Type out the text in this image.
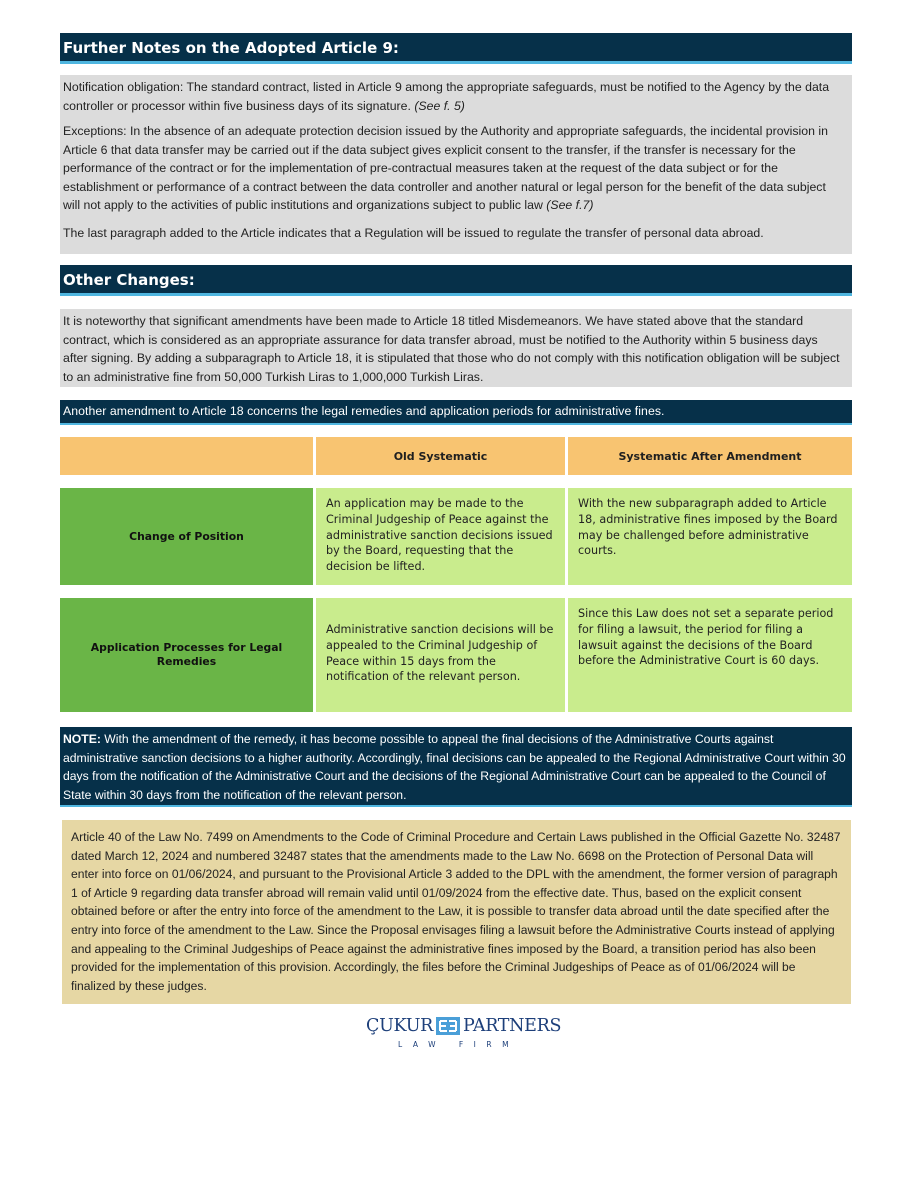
Further Notes on the Adopted Article 9:

Notification obligation: The standard contract, listed in Article 9 among the appropriate safeguards, must be notified to the Agency by the data controller or processor within five business days of its signature. (See f. 5)

Exceptions: In the absence of an adequate protection decision issued by the Authority and appropriate safeguards, the incidental provision in Article 6 that data transfer may be carried out if the data subject gives explicit consent to the transfer, if the transfer is necessary for the performance of the contract or for the implementation of pre-contractual measures taken at the request of the data subject or for the establishment or performance of a contract between the data controller and another natural or legal person for the benefit of the data subject will not apply to the activities of public institutions and organizations subject to public law (See f.7)

The last paragraph added to the Article indicates that a Regulation will be issued to regulate the transfer of personal data abroad.

Other Changes:

It is noteworthy that significant amendments have been made to Article 18 titled Misdemeanors. We have stated above that the standard contract, which is considered as an appropriate assurance for data transfer abroad, must be notified to the Authority within 5 business days after signing. By adding a subparagraph to Article 18, it is stipulated that those who do not comply with this notification obligation will be subject to an administrative fine from 50,000 Turkish Liras to 1,000,000 Turkish Liras.

Another amendment to Article 18 concerns the legal remedies and application periods for administrative fines.
Old Systematic	Systematic After Amendment
Change of Position
An application may be made to the Criminal Judgeship of Peace against the administrative sanction decisions issued by the Board, requesting that the decision be lifted.
With the new subparagraph added to Article 18, administrative fines imposed by the Board may be challenged before administrative courts.
Application Processes for Legal Remedies
Administrative sanction decisions will be appealed to the Criminal Judgeship of Peace within 15 days from the notification of the relevant person.
Since this Law does not set a separate period for filing a lawsuit, the period for filing a lawsuit against the decisions of the Board before the Administrative Court is 60 days.
NOTE: With the amendment of the remedy, it has become possible to appeal the final decisions of the Administrative Courts against administrative sanction decisions to a higher authority. Accordingly, final decisions can be appealed to the Regional Administrative Court within 30 days from the notification of the Administrative Court and the decisions of the Regional Administrative Court can be appealed to the Council of State within 30 days from the notification of the relevant person.

Article 40 of the Law No. 7499 on Amendments to the Code of Criminal Procedure and Certain Laws published in the Official Gazette No. 32487 dated March 12, 2024 and numbered 32487 states that the amendments made to the Law No. 6698 on the Protection of Personal Data will enter into force on 01/06/2024, and pursuant to the Provisional Article 3 added to the DPL with the amendment, the former version of paragraph 1 of Article 9 regarding data transfer abroad will remain valid until 01/09/2024 from the effective date. Thus, based on the explicit consent obtained before or after the entry into force of the amendment to the Law, it is possible to transfer data abroad until the date specified after the entry into force of the amendment to the Law. Since the Proposal envisages filing a lawsuit before the Administrative Courts instead of applying and appealing to the Criminal Judgeships of Peace against the administrative fines imposed by the Board, a transition period has also been provided for the implementation of this provision. Accordingly, the files before the Criminal Judgeships of Peace as of 01/06/2024 will be finalized by these judges.

ÇUKUR PARTNERS
LAW FIRM
